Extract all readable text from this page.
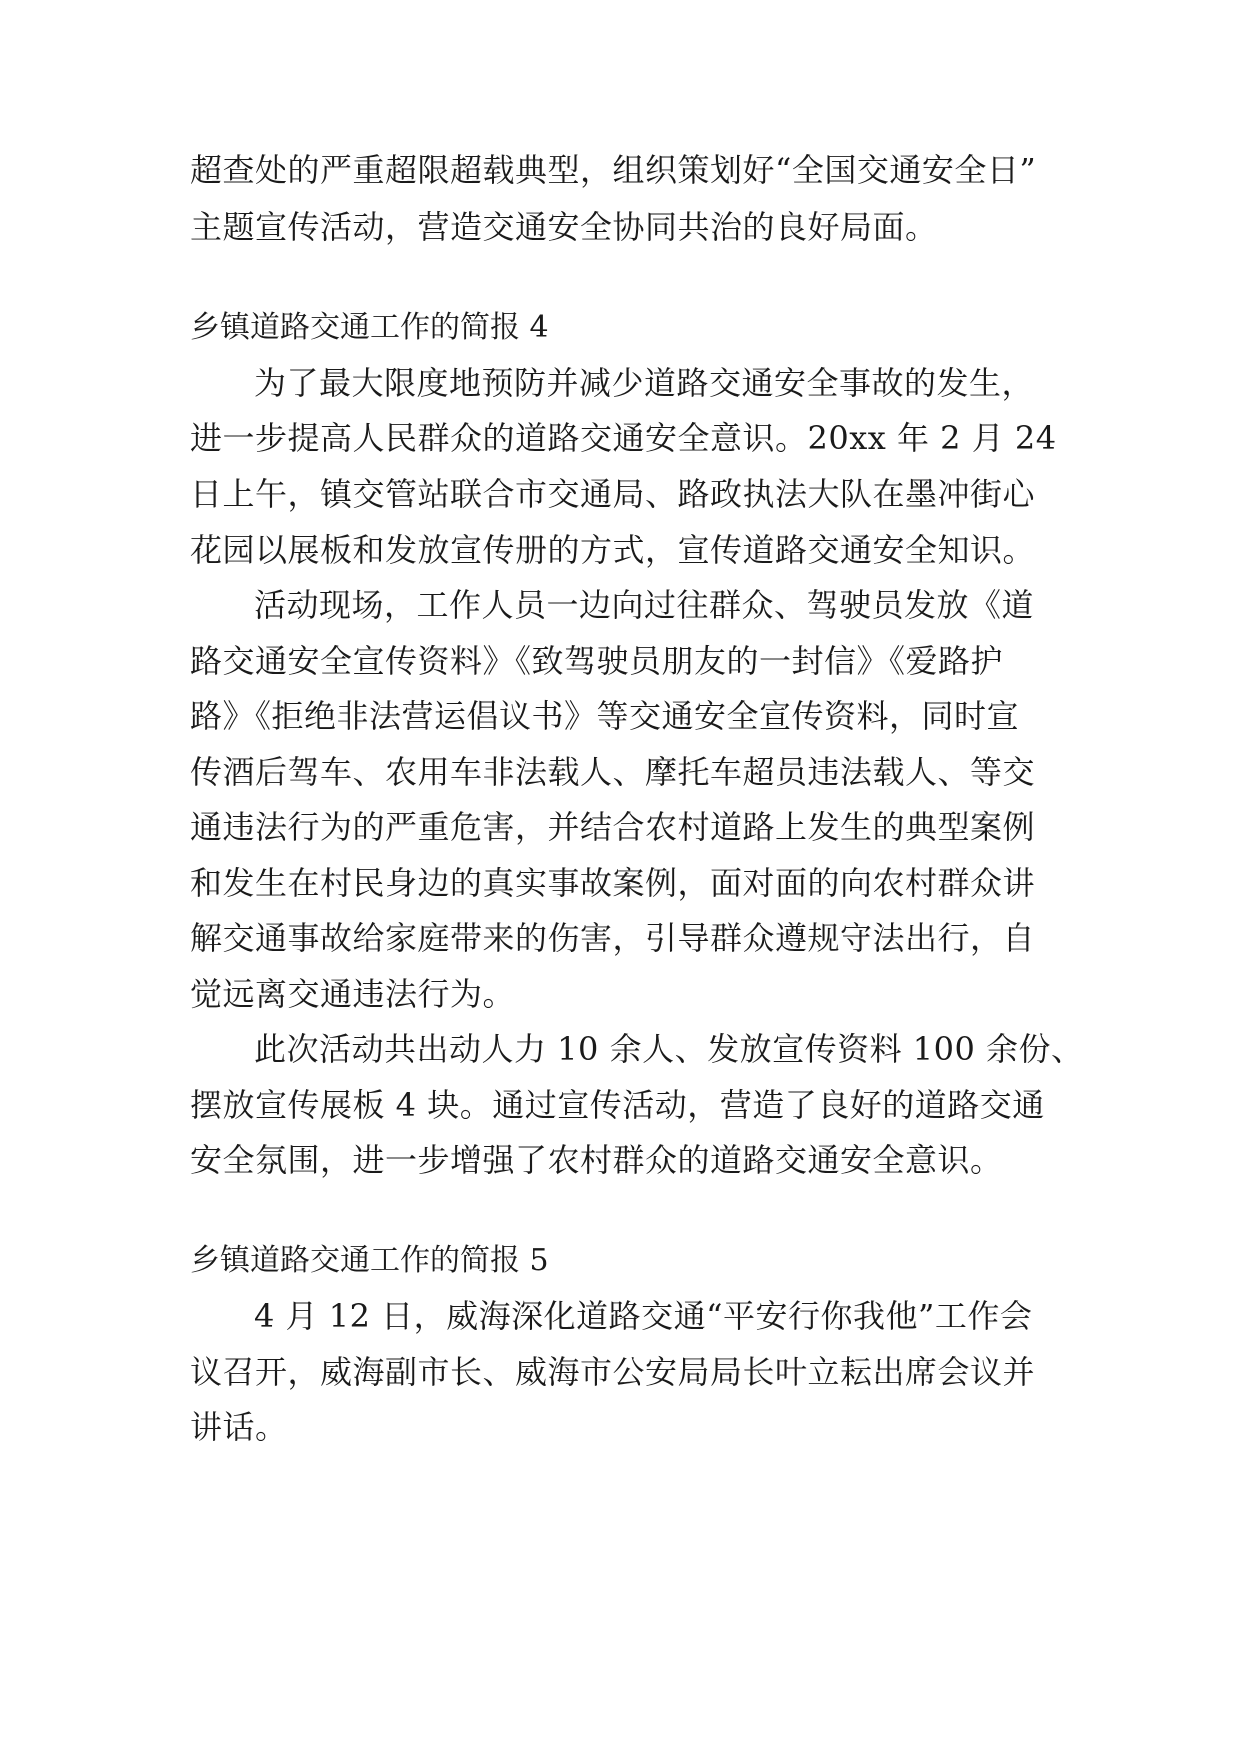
超查处的严重超限超载典型，组织策划好“全国交通安全日”
主题宣传活动，营造交通安全协同共治的良好局面。
乡镇道路交通工作的简报 4
为了最大限度地预防并减少道路交通安全事故的发生，
进一步提高人民群众的道路交通安全意识。20xx 年 2 月 24
日上午，镇交管站联合市交通局、路政执法大队在墨冲街心
花园以展板和发放宣传册的方式，宣传道路交通安全知识。
活动现场，工作人员一边向过往群众、驾驶员发放《道
路交通安全宣传资料》《致驾驶员朋友的一封信》《爱路护
路》《拒绝非法营运倡议书》等交通安全宣传资料，同时宣
传酒后驾车、农用车非法载人、摩托车超员违法载人、等交
通违法行为的严重危害，并结合农村道路上发生的典型案例
和发生在村民身边的真实事故案例，面对面的向农村群众讲
解交通事故给家庭带来的伤害，引导群众遵规守法出行，自
觉远离交通违法行为。
此次活动共出动人力 10 余人、发放宣传资料 100 余份、
摆放宣传展板 4 块。通过宣传活动，营造了良好的道路交通
安全氛围，进一步增强了农村群众的道路交通安全意识。
乡镇道路交通工作的简报 5
4 月 12 日，威海深化道路交通“平安行你我他”工作会
议召开，威海副市长、威海市公安局局长叶立耘出席会议并
讲话。
